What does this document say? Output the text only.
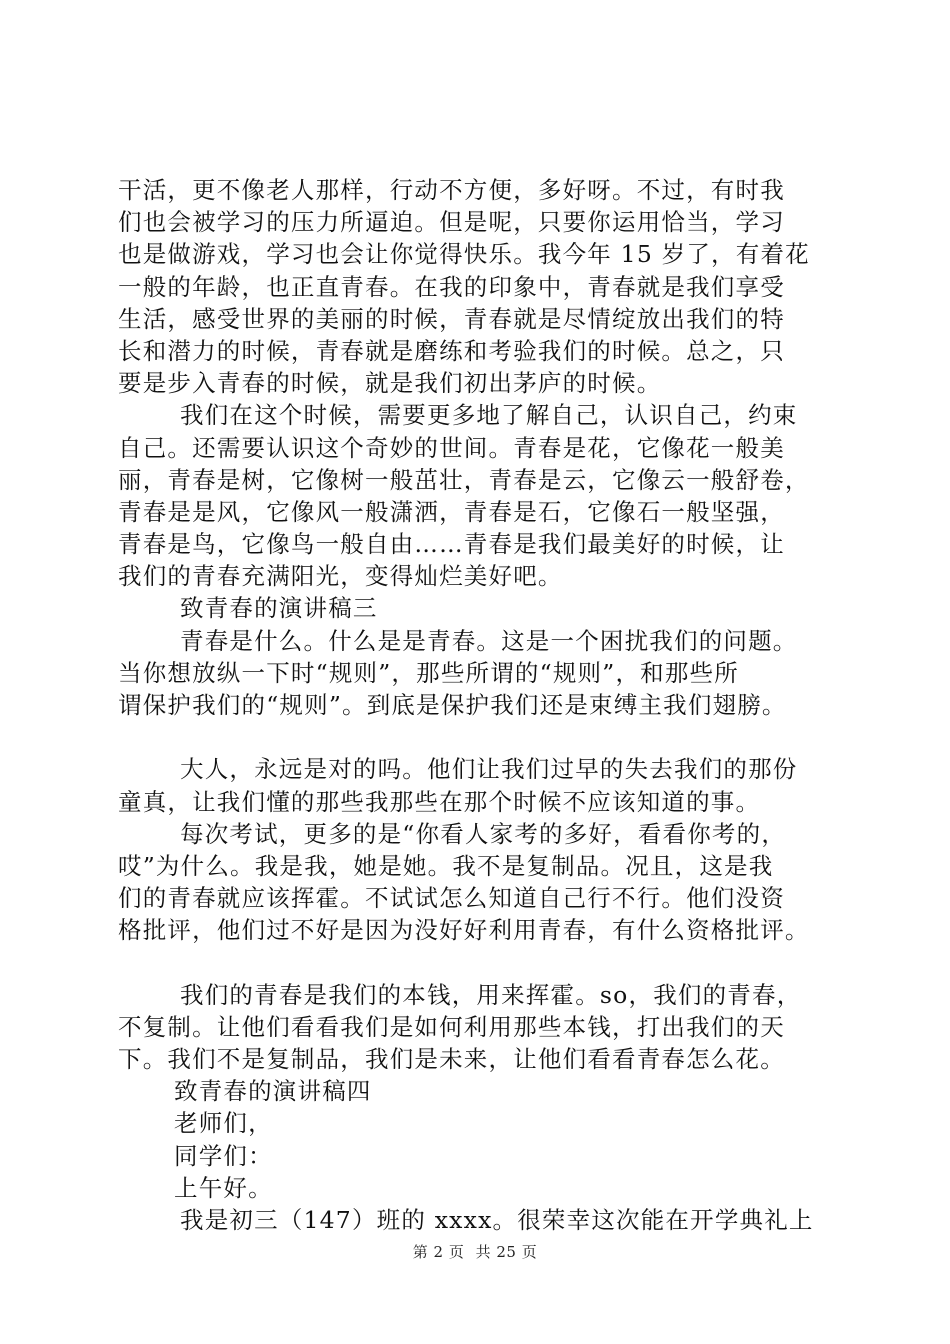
干活，更不像老人那样，行动不方便，多好呀。不过，有时我
们也会被学习的压力所逼迫。但是呢，只要你运用恰当，学习
也是做游戏，学习也会让你觉得快乐。我今年 15 岁了，有着花
一般的年龄，也正直青春。在我的印象中，青春就是我们享受
生活，感受世界的美丽的时候，青春就是尽情绽放出我们的特
长和潜力的时候，青春就是磨练和考验我们的时候。总之，只
要是步入青春的时候，就是我们初出茅庐的时候。
我们在这个时候，需要更多地了解自己，认识自己，约束
自己。还需要认识这个奇妙的世间。青春是花，它像花一般美
丽，青春是树，它像树一般茁壮，青春是云，它像云一般舒卷，
青春是是风，它像风一般潇洒，青春是石，它像石一般坚强，
青春是鸟，它像鸟一般自由……青春是我们最美好的时候，让
我们的青春充满阳光，变得灿烂美好吧。
致青春的演讲稿三
青春是什么。什么是是青春。这是一个困扰我们的问题。
当你想放纵一下时“规则”，那些所谓的“规则”，和那些所
谓保护我们的“规则”。到底是保护我们还是束缚主我们翅膀。
大人，永远是对的吗。他们让我们过早的失去我们的那份
童真，让我们懂的那些我那些在那个时候不应该知道的事。
每次考试，更多的是“你看人家考的多好，看看你考的，
哎”为什么。我是我，她是她。我不是复制品。况且，这是我
们的青春就应该挥霍。不试试怎么知道自己行不行。他们没资
格批评，他们过不好是因为没好好利用青春，有什么资格批评。
我们的青春是我们的本钱，用来挥霍。so，我们的青春，
不复制。让他们看看我们是如何利用那些本钱，打出我们的天
下。我们不是复制品，我们是未来，让他们看看青春怎么花。
致青春的演讲稿四
老师们，
同学们：
上午好。
我是初三（147）班的 xxxx。很荣幸这次能在开学典礼上
第 2 页 共 25 页
